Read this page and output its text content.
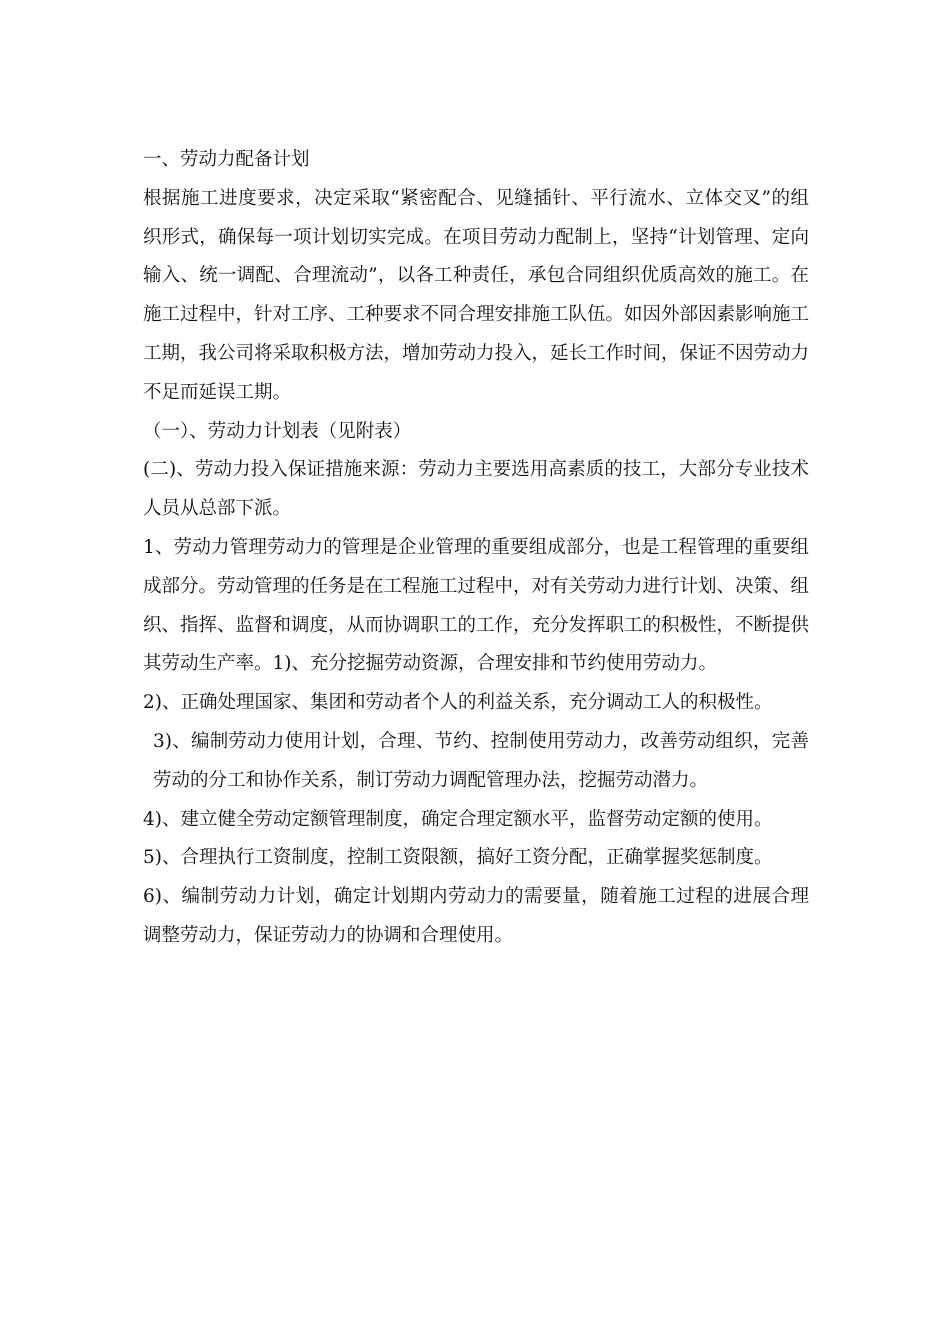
一、劳动力配备计划

根据施工进度要求，决定采取“紧密配合、见缝插针、平行流水、立体交叉”的组织形式，确保每一项计划切实完成。在项目劳动力配制上，坚持“计划管理、定向输入、统一调配、合理流动”，以各工种责任，承包合同组织优质高效的施工。在施工过程中，针对工序、工种要求不同合理安排施工队伍。如因外部因素影响施工工期，我公司将采取积极方法，增加劳动力投入，延长工作时间，保证不因劳动力不足而延误工期。

（一）、劳动力计划表（见附表）

(二)、劳动力投入保证措施来源：劳动力主要选用高素质的技工，大部分专业技术人员从总部下派。

1、劳动力管理劳动力的管理是企业管理的重要组成部分，也是工程管理的重要组成部分。劳动管理的任务是在工程施工过程中，对有关劳动力进行计划、决策、组织、指挥、监督和调度，从而协调职工的工作，充分发挥职工的积极性，不断提供其劳动生产率。1)、充分挖掘劳动资源，合理安排和节约使用劳动力。

2)、正确处理国家、集团和劳动者个人的利益关系，充分调动工人的积极性。

3)、编制劳动力使用计划，合理、节约、控制使用劳动力，改善劳动组织，完善劳动的分工和协作关系，制订劳动力调配管理办法，挖掘劳动潜力。

4)、建立健全劳动定额管理制度，确定合理定额水平，监督劳动定额的使用。

5)、合理执行工资制度，控制工资限额，搞好工资分配，正确掌握奖惩制度。

6)、编制劳动力计划，确定计划期内劳动力的需要量，随着施工过程的进展合理调整劳动力，保证劳动力的协调和合理使用。
